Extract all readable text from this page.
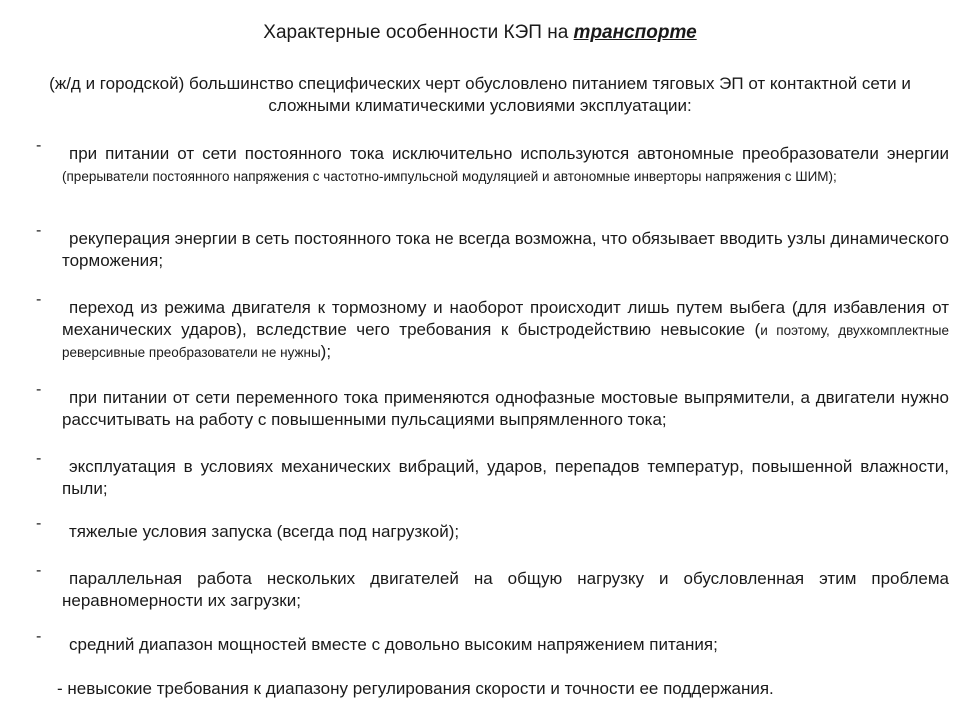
Характерные особенности КЭП на транспорте
(ж/д и городской) большинство специфических черт обусловлено питанием тяговых ЭП от контактной сети и сложными климатическими условиями эксплуатации:
-	при питании от сети постоянного тока исключительно используются автономные преобразователи энергии (прерыватели постоянного напряжения с частотно-импульсной модуляцией и автономные инверторы напряжения с ШИМ);
-	рекуперация энергии в сеть постоянного тока не всегда возможна, что обязывает вводить узлы динамического торможения;
-	переход из режима двигателя к тормозному и наоборот происходит лишь путем выбега (для избавления от механических ударов), вследствие чего требования к быстродействию невысокие (и поэтому, двухкомплектные реверсивные преобразователи не нужны);
-	при питании от сети переменного тока применяются однофазные мостовые выпрямители, а двигатели нужно рассчитывать на работу с повышенными пульсациями выпрямленного тока;
-	эксплуатация в условиях механических вибраций, ударов, перепадов температур, повышенной влажности, пыли;
-	тяжелые условия запуска (всегда под нагрузкой);
-	параллельная работа нескольких двигателей на общую нагрузку и обусловленная этим проблема неравномерности их загрузки;
-	средний диапазон мощностей вместе с довольно высоким напряжением питания;
- невысокие требования к диапазону регулирования скорости и точности ее поддержания.
